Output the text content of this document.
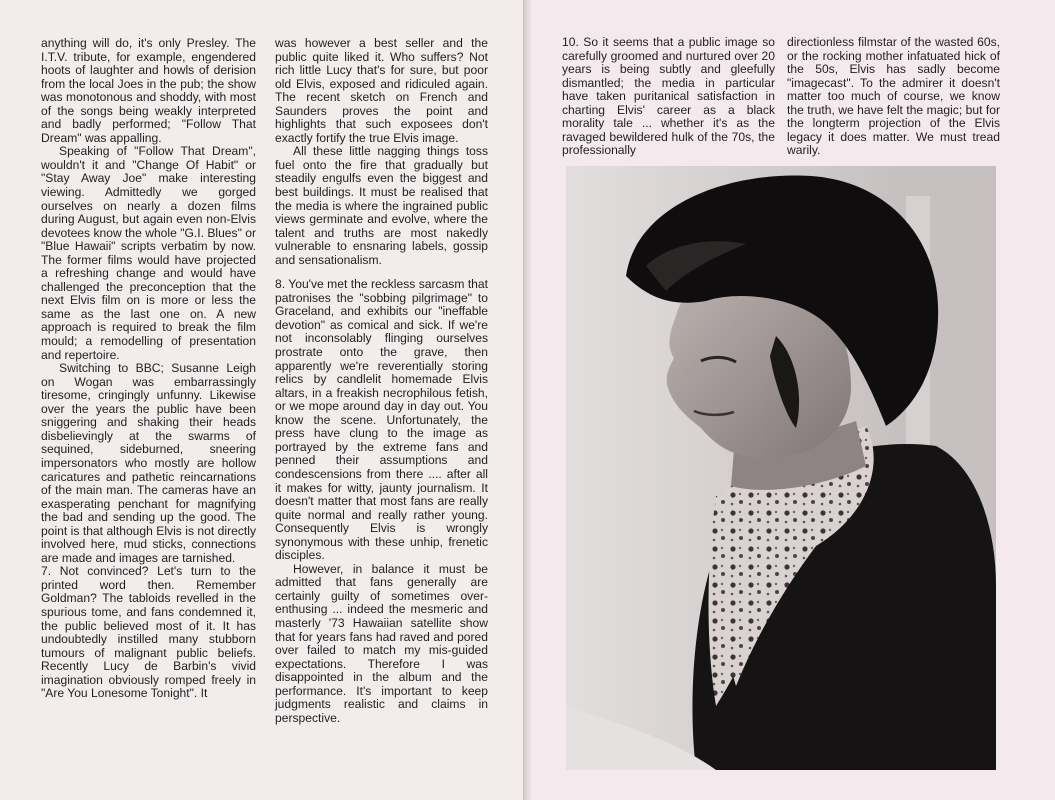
anything will do, it's only Presley. The I.T.V. tribute, for example, engendered hoots of laughter and howls of derision from the local Joes in the pub; the show was monotonous and shoddy, with most of the songs being weakly interpreted and badly performed; "Follow That Dream" was appalling.

Speaking of "Follow That Dream", wouldn't it and "Change Of Habit" or "Stay Away Joe" make interesting viewing. Admittedly we gorged ourselves on nearly a dozen films during August, but again even non-Elvis devotees know the whole "G.I. Blues" or "Blue Hawaii" scripts verbatim by now. The former films would have projected a refreshing change and would have challenged the preconception that the next Elvis film on is more or less the same as the last one on. A new approach is required to break the film mould; a remodelling of presentation and repertoire.

Switching to BBC; Susanne Leigh on Wogan was embarrassingly tiresome, cringingly unfunny. Likewise over the years the public have been sniggering and shaking their heads disbelievingly at the swarms of sequined, sideburned, sneering impersonators who mostly are hollow caricatures and pathetic reincarnations of the main man. The cameras have an exasperating penchant for magnifying the bad and sending up the good. The point is that although Elvis is not directly involved here, mud sticks, connections are made and images are tarnished.

7. Not convinced? Let's turn to the printed word then. Remember Goldman? The tabloids revelled in the spurious tome, and fans condemned it, the public believed most of it. It has undoubtedly instilled many stubborn tumours of malignant public beliefs. Recently Lucy de Barbin's vivid imagination obviously romped freely in "Are You Lonesome Tonight". It

was however a best seller and the public quite liked it. Who suffers? Not rich little Lucy that's for sure, but poor old Elvis, exposed and ridiculed again. The recent sketch on French and Saunders proves the point and highlights that such exposees don't exactly fortify the true Elvis image.

All these little nagging things toss fuel onto the fire that gradually but steadily engulfs even the biggest and best buildings. It must be realised that the media is where the ingrained public views germinate and evolve, where the talent and truths are most nakedly vulnerable to ensnaring labels, gossip and sensationalism.

8. You've met the reckless sarcasm that patronises the "sobbing pilgrimage" to Graceland, and exhibits our "ineffable devotion" as comical and sick. If we're not inconsolably flinging ourselves prostrate onto the grave, then apparently we're reverentially storing relics by candlelit homemade Elvis altars, in a freakish necrophilous fetish, or we mope around day in day out. You know the scene. Unfortunately, the press have clung to the image as portrayed by the extreme fans and penned their assumptions and condescensions from there .... after all it makes for witty, jaunty journalism. It doesn't matter that most fans are really quite normal and really rather young. Consequently Elvis is wrongly synonymous with these unhip, frenetic disciples.

However, in balance it must be admitted that fans generally are certainly guilty of sometimes over-enthusing ... indeed the mesmeric and masterly '73 Hawaiian satellite show that for years fans had raved and pored over failed to match my mis-guided expectations. Therefore I was disappointed in the album and the performance. It's important to keep judgments realistic and claims in perspective.

10. So it seems that a public image so carefully groomed and nurtured over 20 years is being subtly and gleefully dismantled; the media in particular have taken puritanical satisfaction in charting Elvis' career as a black morality tale ... whether it's as the ravaged bewildered hulk of the 70s, the professionally

directionless filmstar of the wasted 60s, or the rocking mother infatuated hick of the 50s, Elvis has sadly become "imagecast". To the admirer it doesn't matter too much of course, we know the truth, we have felt the magic; but for the longterm projection of the Elvis legacy it does matter. We must tread warily.
